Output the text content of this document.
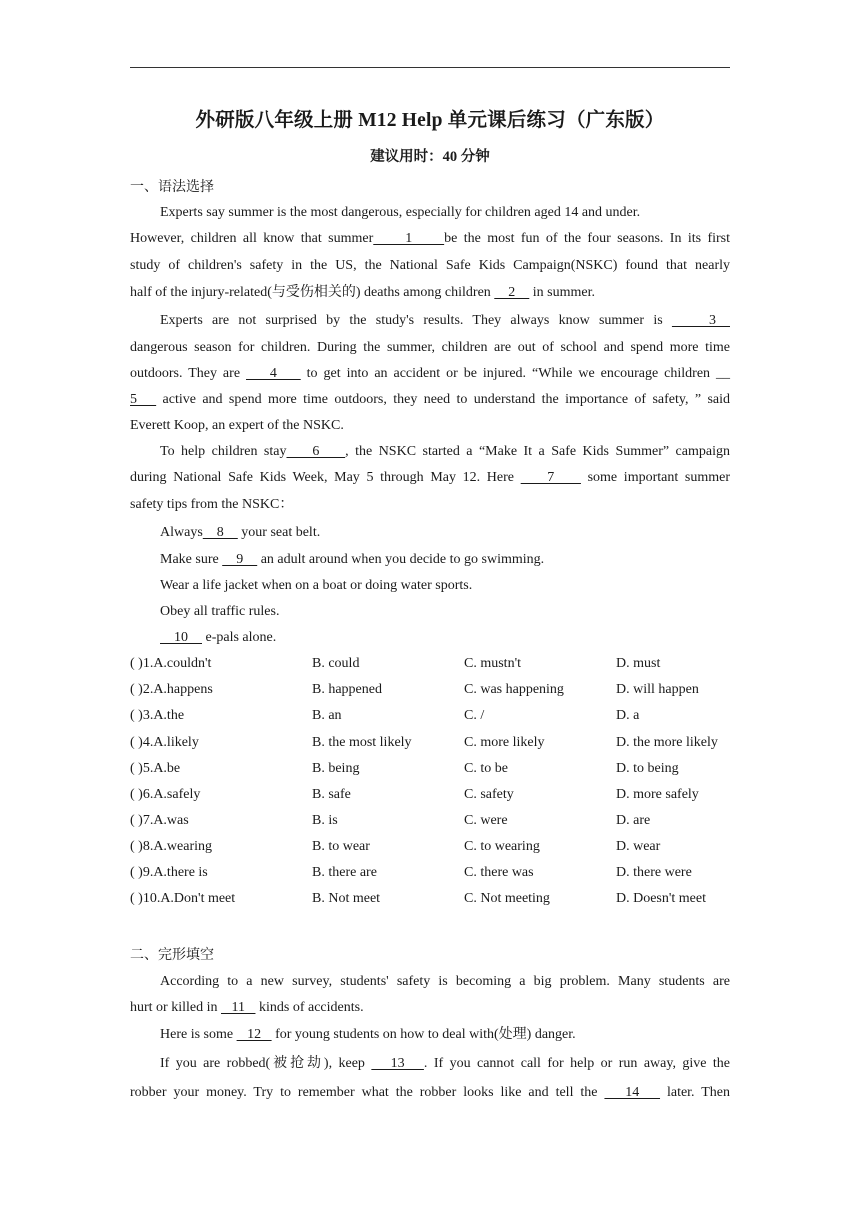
外研版八年级上册 M12 Help 单元课后练习（广东版）
建议用时：40 分钟
一、语法选择
Experts say summer is the most dangerous, especially for children aged 14 and under.
However, children all know that summer     1     be the most fun of the four seasons. In its first
study of children's safety in the US, the National Safe Kids Campaign(NSKC) found that nearly
half of the injury-related(与受伤相关的) deaths among children     2     in summer.
Experts are not surprised by the study's results. They always know summer is     3
dangerous season for children. During the summer, children are out of school and spend more time
outdoors. They are     4     to get into an accident or be injured. “While we encourage children __
5    active and spend more time outdoors, they need to understand the importance of safety, ” said
Everett Koop, an expert of the NSKC.
To help children stay    6    , the NSKC started a “Make It a Safe Kids Summer” campaign
during National Safe Kids Week, May 5 through May 12. Here     7     some important summer
safety tips from the NSKC：
Always    8     your seat belt.
Make sure     9     an adult around when you decide to go swimming.
Wear a life jacket when on a boat or doing water sports.
Obey all traffic rules.
10     e-pals alone.
( )1.A.couldn't	B. could	C. mustn't	D. must
( )2.A.happens	B. happened	C. was happening	D. will happen
( )3.A.the	B. an	C. /	D. a
( )4.A.likely	B. the most likely	C. more likely	D. the more likely
( )5.A.be	B. being	C. to be	D. to being
( )6.A.safely	B. safe	C. safety	D. more safely
( )7.A.was	B. is	C. were	D. are
( )8.A.wearing	B. to wear	C. to wearing	D. wear
( )9.A.there is	B. there are	C. there was	D. there were
( )10.A.Don't meet	B. Not meet	C. Not meeting	D. Doesn't meet
二、完形填空
According to a new survey, students' safety is becoming a big problem. Many students are
hurt or killed in    11    kinds of accidents.
Here is some    12    for young students on how to deal with(处理) danger.
If you are robbed(被抢劫), keep    13   . If you cannot call for help or run away, give the
robber your money. Try to remember what the robber looks like and tell the    14    later. Then
